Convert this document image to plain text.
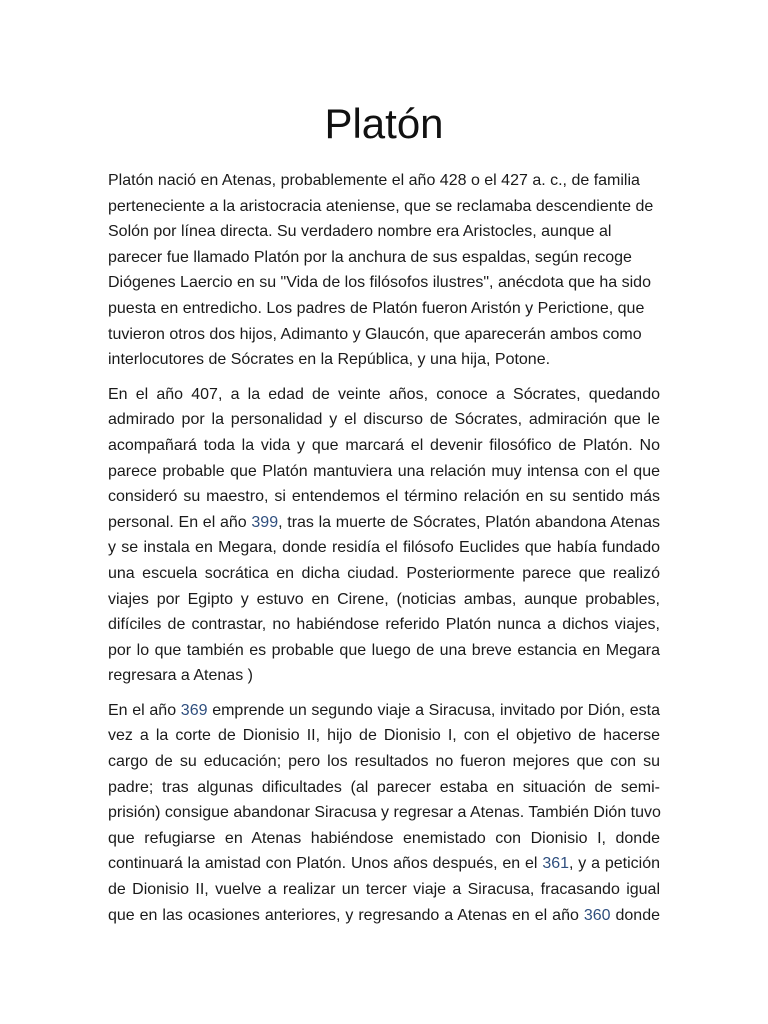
Platón
Platón nació en Atenas, probablemente el año 428 o el 427 a. c., de familia
perteneciente a la aristocracia ateniense, que se reclamaba descendiente de
Solón por línea directa. Su verdadero nombre era Aristocles, aunque al
parecer fue llamado Platón por la anchura de sus espaldas, según recoge
Diógenes Laercio en su "Vida de los filósofos ilustres", anécdota que ha sido
puesta en entredicho. Los padres de Platón fueron Aristón y Perictione, que
tuvieron otros dos hijos, Adimanto y Glaucón, que aparecerán ambos como
interlocutores de Sócrates en la República, y una hija, Potone.
En el año 407, a la edad de veinte años, conoce a Sócrates, quedando
admirado por la personalidad y el discurso de Sócrates, admiración que le
acompañará toda la vida y que marcará el devenir filosófico de Platón. No
parece probable que Platón mantuviera una relación muy intensa con el que
consideró su maestro, si entendemos el término relación en su sentido más
personal. En el año 399, tras la muerte de Sócrates, Platón abandona Atenas
y se instala en Megara, donde residía el filósofo Euclides que había fundado
una escuela socrática en dicha ciudad. Posteriormente parece que realizó
viajes por Egipto y estuvo en Cirene, (noticias ambas, aunque probables,
difíciles de contrastar, no habiéndose referido Platón nunca a dichos viajes,
por lo que también es probable que luego de una breve estancia en Megara
regresara a Atenas )
En el año 369 emprende un segundo viaje a Siracusa, invitado por Dión, esta
vez a la corte de Dionisio II, hijo de Dionisio I, con el objetivo de hacerse
cargo de su educación; pero los resultados no fueron mejores que con su
padre; tras algunas dificultades (al parecer estaba en situación de semi-
prisión) consigue abandonar Siracusa y regresar a Atenas. También Dión tuvo
que refugiarse en Atenas habiéndose enemistado con Dionisio I, donde
continuará la amistad con Platón. Unos años después, en el 361, y a petición
de Dionisio II, vuelve a realizar un tercer viaje a Siracusa, fracasando igual
que en las ocasiones anteriores, y regresando a Atenas en el año 360 donde
